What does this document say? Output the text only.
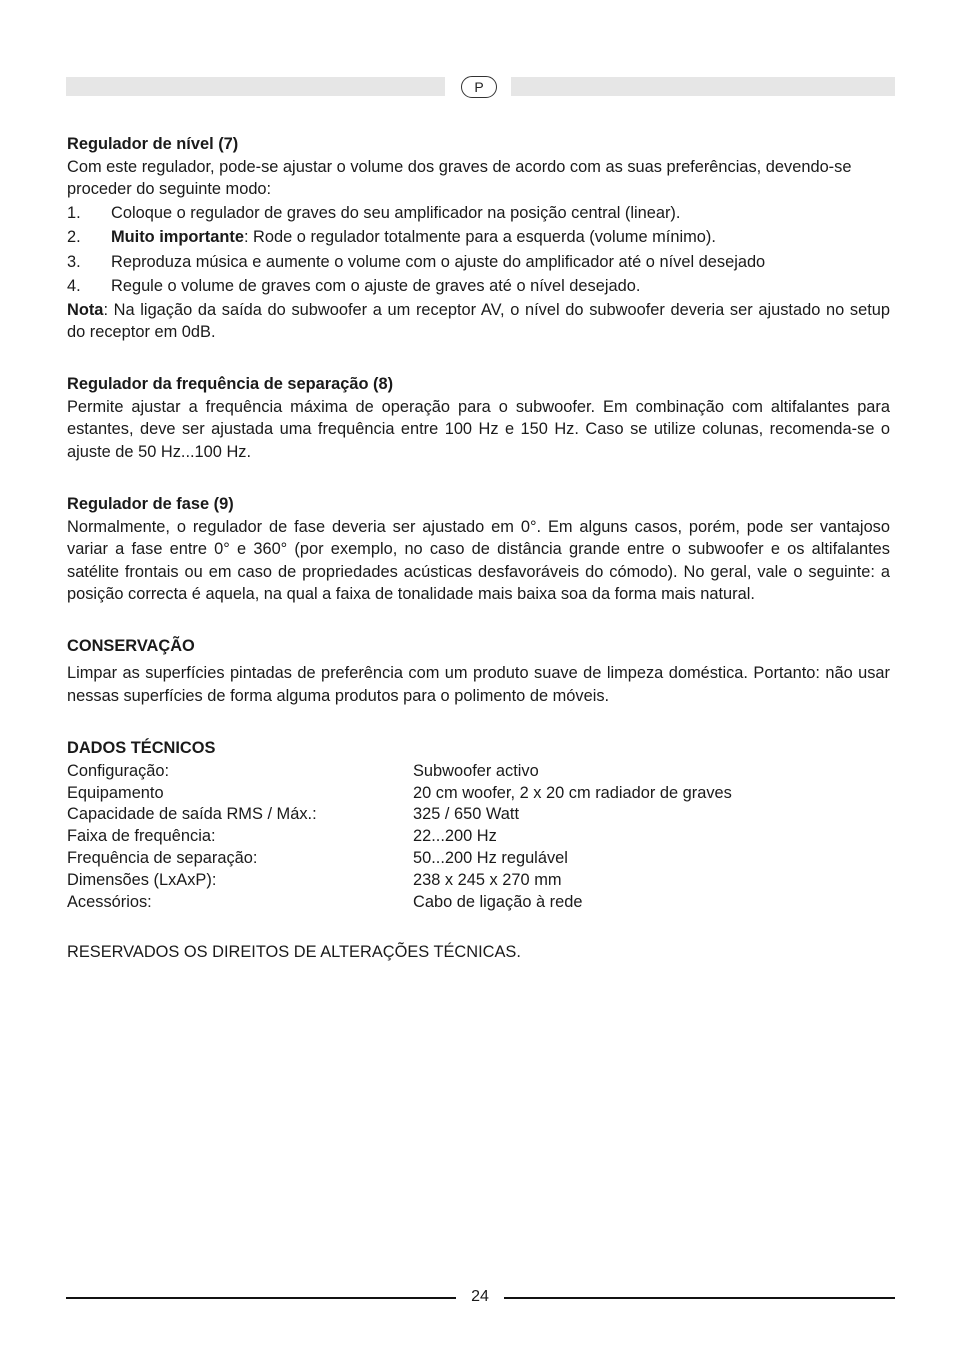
P
Regulador de nível (7)

Com este regulador, pode-se ajustar o volume dos graves de acordo com as suas preferências, devendo-se proceder do seguinte modo:

1.	Coloque o regulador de graves do seu amplificador na posição central (linear).
2.	Muito importante: Rode o regulador totalmente para a esquerda (volume mínimo).
3.	Reproduza música e aumente o volume com o ajuste do amplificador até o nível desejado
4.	Regule o volume de graves com o ajuste de graves até o nível desejado.

Nota: Na ligação da saída do subwoofer a um receptor AV, o nível do subwoofer deveria ser ajustado no setup do receptor em 0dB.

Regulador da frequência de separação (8)

Permite ajustar a frequência máxima de operação para o subwoofer. Em combinação com altifalantes para estantes, deve ser ajustada uma frequência entre 100 Hz e 150 Hz. Caso se utilize colunas, recomenda-se o ajuste de 50 Hz...100 Hz.

Regulador de fase (9)

Normalmente, o regulador de fase deveria ser ajustado em 0°. Em alguns casos, porém, pode ser vantajoso variar a fase entre 0° e 360° (por exemplo, no caso de distância grande entre o subwoofer e os altifalantes satélite frontais ou em caso de propriedades acústicas desfavoráveis do cómodo). No geral, vale o seguinte: a posição correcta é aquela, na qual a faixa de tonalidade mais baixa soa da forma mais natural.

CONSERVAÇÃO

Limpar as superfícies pintadas de preferência com um produto suave de limpeza doméstica. Portanto: não usar nessas superfícies de forma alguma produtos para o polimento de móveis.

DADOS TÉCNICOS
Configuração:	Subwoofer activo
Equipamento	20 cm woofer, 2 x 20 cm radiador de graves
Capacidade de saída RMS / Máx.:	325 / 650 Watt
Faixa de frequência:	22...200 Hz
Frequência de separação:	50...200 Hz regulável
Dimensões (LxAxP):	238 x 245 x 270 mm
Acessórios:	Cabo de ligação à rede

RESERVADOS OS DIREITOS DE ALTERAÇÕES TÉCNICAS.

24
